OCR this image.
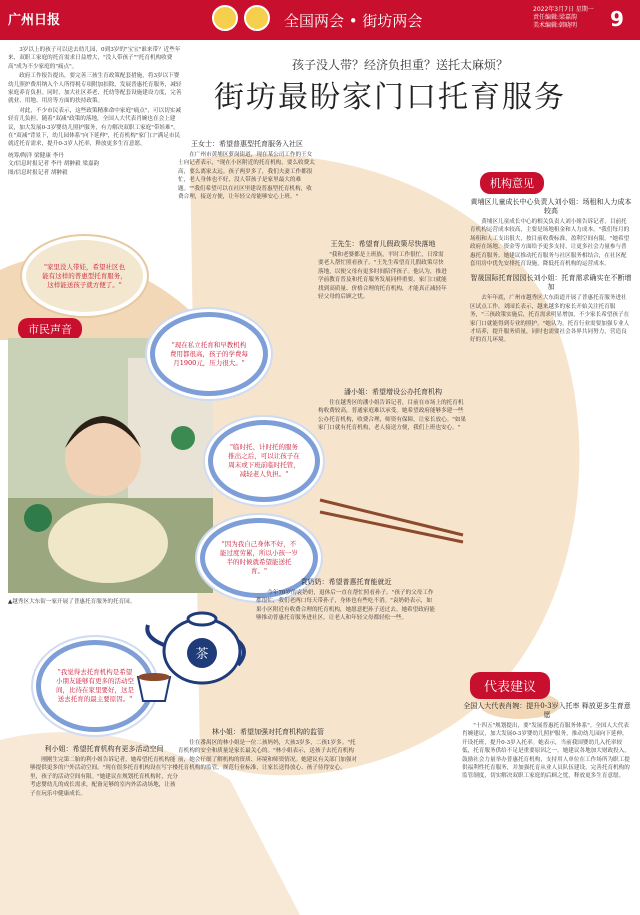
广州日报	全国两会 • 街坊两会
2022年3月7日 星期一
责任编辑:梁嘉韵
美术编辑:韩晓明	9
孩子没人带？经济负担重？送托太麻烦？
街坊最盼家门口托育服务

3岁以上的孩子可以送去幼儿园，0到3岁的"宝宝"谁来带？近些年来，双职工家庭的托育需求日益增大，"没人带孩子""托育机构收费高"成为不少家庭的"痛点"。

政府工作报告提出，要完善三孩生育政策配套措施，将3岁以下婴幼儿照护费用纳入个人所得税专项附加扣除，发展普惠托育服务，减轻家庭养育负担。同时，加大社区养老、托幼等配套设施建设力度，完善就业、用地、用房等方面的扶持政策。

对此，不少市民表示，这些政策精准命中家庭"痛点"，可以切实减轻育儿负担。随着"双减"政策的落地，全国人大代表肖婉也在会上建议，加大发展0-3岁婴幼儿照护服务，有力解决双职工家庭"带娃难"。在"双减"背景下，幼儿园体系"向下延伸"，托育机构"家门口"满足市民就近托育需求，提升0-3岁人托率，释放更多生育意愿。

统筹/陶洋 梁健康 李丹
文/信息时报记者 李丹 胡翀毅 梁嘉韵
图/信息时报记者 胡翀毅
"家里没人带娃，希望社区也能有这样的普惠型托育服务，这样能送孩子就方便了。"
市民声音
▲越秀区大东街一家开展了普惠托育服务的托育园。
"现在私立托育和早教机构费用都很高，孩子的学费每月1900元，压力很大。"
"临时托、计时托的服务推出之后，可以让孩子在周末或下班前临时托管，减轻老人负担。"
"因为我自己身体不好，不能过度劳累，所以小孩一岁半的时候就希望能送托育。"
"我觉得去托育机构是希望小朋友能够有更多的活动空间，比待在家里要好，这是送去托育的最主要原因。"
茶
王女士：希望普惠型托育服务入社区

在广州市黄埔区萝岗街道，现在某公司工作的王女士向记者表示，"现在小区附近的托育机构，要么收费太高，要么离家太远。孩子两岁多了，我们夫妻工作都很忙，老人身体也不好，没人带孩子是家里最大的难题。""我们希望可以在社区里建设普惠型托育机构，收费合理，接送方便，让年轻父母能够安心上班。"

王先生：希望育儿假政策尽快落地

"我和老婆都是上班族，平时工作很忙，日常需要老人帮忙照看孩子。"王先生希望育儿假政策尽快落地，以便父母有更多时间陪伴孩子。他认为，推进学前教育普及和托育服务发展同样重要，家门口就能找到高质量、价格合理的托育机构，才能真正减轻年轻父母的后顾之忧。

潘小姐：希望增设公办托育机构

住在越秀区的潘小姐告诉记者，目前在市场上的托育机构收费较高，普通家庭难以承受。她希望政府能够多建一些公办托育机构，收费合理，师资有保障，让家长放心。"如果家门口就有托育机构，老人接送方便，我们上班也安心。"

袁奶奶：希望普惠托育能就近

今年70岁的袁奶奶，退休后一直在帮忙照看孙子。"孩子的父母工作都很忙，我们老两口每天带孙子，身体也有些吃不消。"袁奶奶表示，如果小区附近有收费合理的托育机构，她愿意把孙子送过去。她希望政府能够推动普惠托育服务进社区，让老人和年轻父母都轻松一些。

林小姐：希望加强对托育机构的监管

住在番禺区的林小姐是一位二孩妈妈，大孩3岁多，二孩1岁多。"托育机构的安全和质量是家长最关心的。"林小姐表示，送孩子去托育机构前，她会仔细了解机构的资质、环境和师资情况。她建议有关部门加强对托育机构的监管，规范行业标准，让家长送得放心、孩子待得安心。

利小姐：希望托育机构有更多活动空间

刚刚生完第二胎的利小姐告诉记者，她希望托育机构能够提供更多的户外活动空间。"现在很多托育机构设在写字楼里，孩子的活动空间有限。"她建议在规划托育机构时，充分考虑婴幼儿的成长需求，配备足够的室内外活动场地，让孩子在玩乐中健康成长。

机构意见
黄埔区儿童成长中心负责人刘小姐：场租和人力成本较高

黄埔区儿童成长中心的相关负责人刘小姐告诉记者，目前托育机构运营成本较高，主要是场地租金和人力成本。"我们每月的场租和人工支出很大，按目前收费标准，盈利空间有限。"她希望政府在场地、资金等方面给予更多支持，让更多社会力量参与普惠托育服务。她建议推动托育服务与社区服务相结合，在社区配套用房中优先安排托育设施，降低托育机构的运营成本。

智晟国际托育园园长刘小姐：托育需求确实在不断增加

去年年底，广州市越秀区大东街道开展了普惠托育服务进社区试点工作。刘园长表示，越来越多的家长开始关注托育服务，"三孩政策实施后，托育需求明显增加，不少家长希望孩子在家门口就能得到专业的照护。"她认为，托育行业需要加强专业人才培养，提升服务质量，同时也需要社会各界共同努力，营造良好的育儿环境。

代表建议
全国人大代表肖婉：提升0-3岁入托率 释放更多生育意愿

"十四五"规划提出，要"发展普惠托育服务体系"。全国人大代表肖婉建议，加大发展0-3岁婴幼儿照护服务，推动幼儿园向下延伸，开设托班，提升0-3岁入托率。她表示，当前我国婴幼儿入托率较低，托育服务供给不足是重要原因之一。她建议各地加大财政投入，鼓励社会力量举办普惠托育机构，支持用人单位在工作场所为职工提供福利性托育服务，并加强托育从业人员队伍建设，完善托育机构的监管制度，切实解决双职工家庭的后顾之忧，释放更多生育意愿。
